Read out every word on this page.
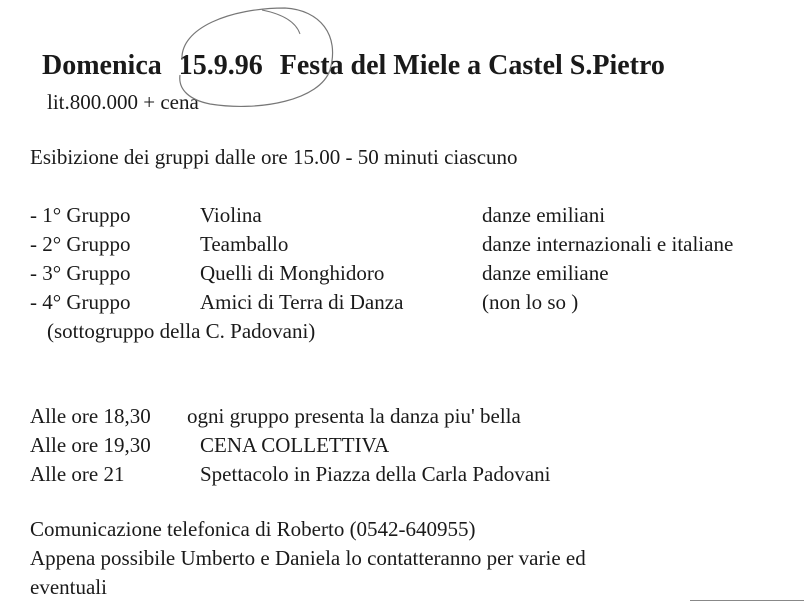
Domenica 15.9.96 Festa del Miele a Castel S.Pietro
lit.800.000 + cena
Esibizione dei gruppi dalle ore 15.00 - 50 minuti ciascuno
- 1° Gruppo	Violina	danze emiliani
- 2° Gruppo	Teamballo	danze internazionali e italiane
- 3° Gruppo	Quelli di Monghidoro	danze emiliane
- 4° Gruppo	Amici di Terra di Danza	(non lo so )
(sottogruppo della C. Padovani)
Alle ore 18,30 ogni gruppo presenta la danza piu' bella
Alle ore 19,30 CENA COLLETTIVA
Alle ore 21	Spettacolo in Piazza della Carla Padovani
Comunicazione telefonica di Roberto (0542-640955)
Appena possibile Umberto e Daniela lo contatteranno per varie ed
eventuali
